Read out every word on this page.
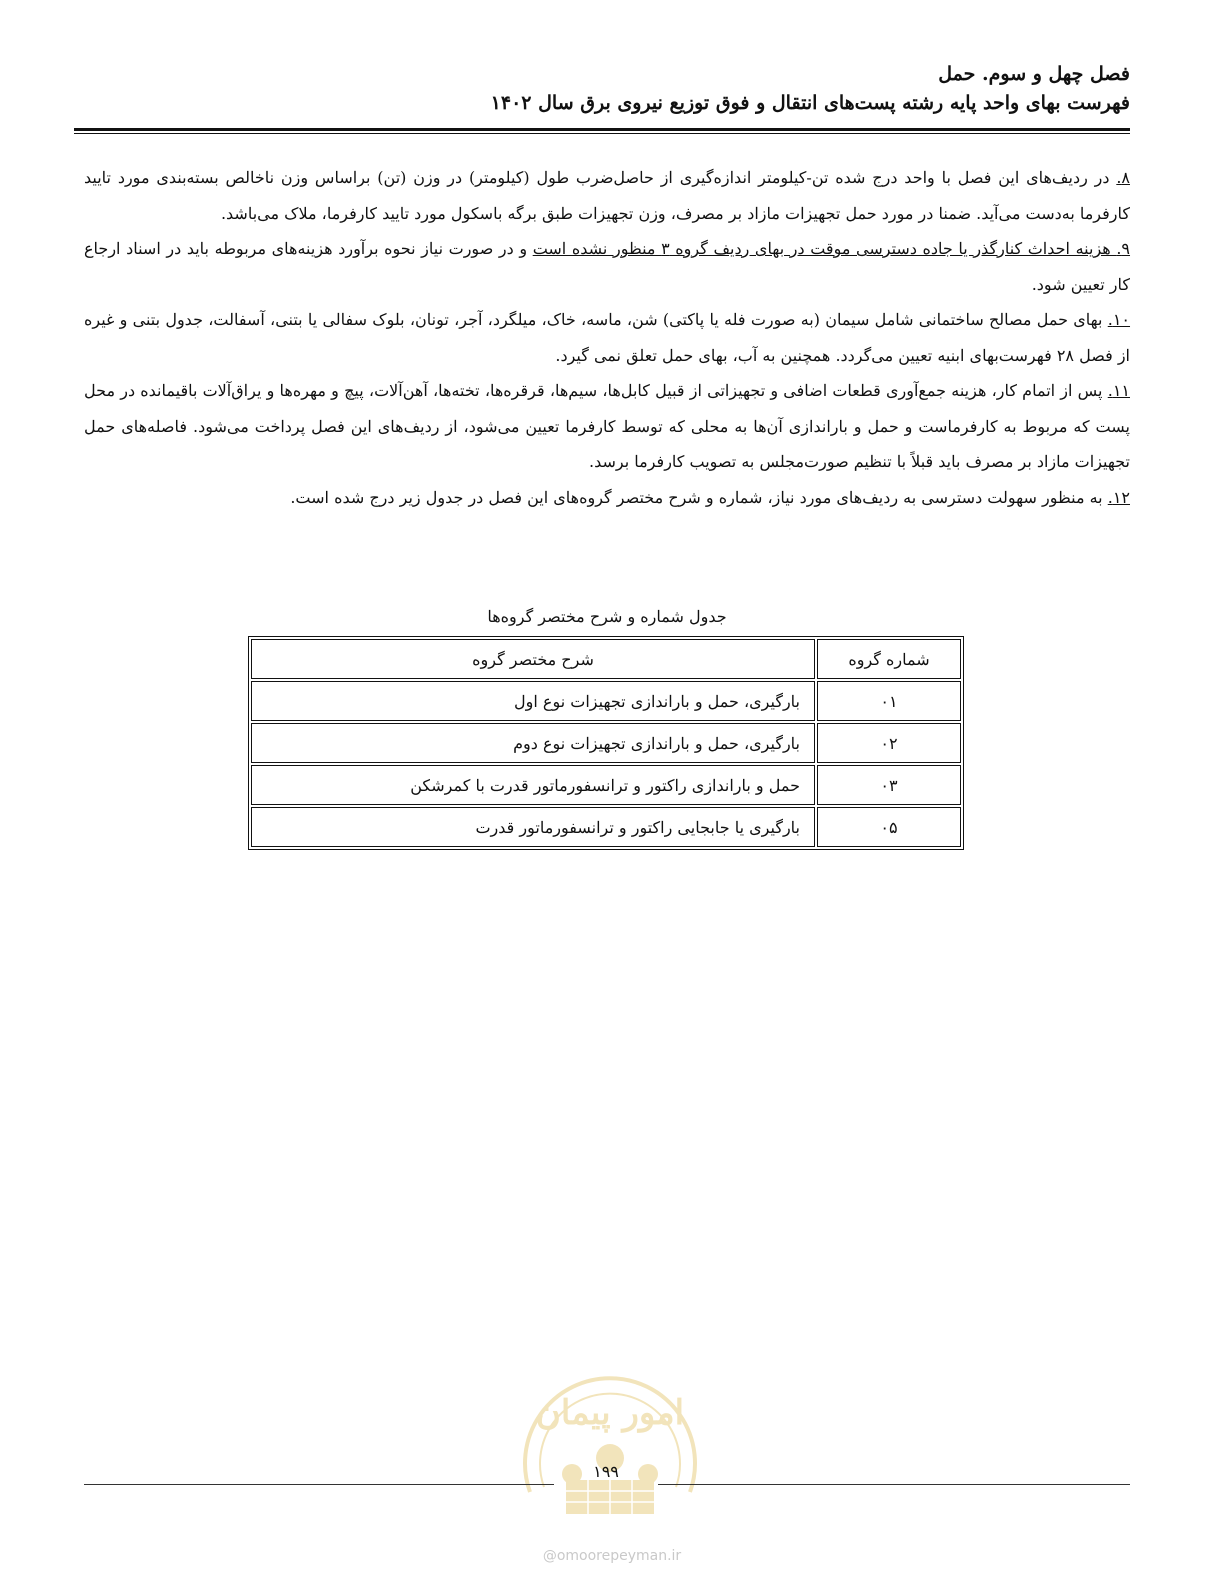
فصل چهل و سوم. حمل
فهرست بهای واحد پایه رشته پست‌های انتقال و فوق توزیع نیروی برق سال ۱۴۰۲

۸. در ردیف‌های این فصل با واحد درج شده تن-کیلومتر اندازه‌گیری از حاصل‌ضرب طول (کیلومتر) در وزن (تن) براساس وزن ناخالص بسته‌بندی مورد تایید کارفرما به‌دست می‌آید. ضمنا در مورد حمل تجهیزات مازاد بر مصرف، وزن تجهیزات طبق برگه باسکول مورد تایید کارفرما، ملاک می‌باشد.

۹. هزینه احداث کنارگذر یا جاده دسترسی موقت در بهای ردیف گروه ۳ منظور نشده است و در صورت نیاز نحوه برآورد هزینه‌های مربوطه باید در اسناد ارجاع کار تعیین شود.

۱۰. بهای حمل مصالح ساختمانی شامل سیمان (به صورت فله یا پاکتی) شن، ماسه، خاک، میلگرد، آجر، تونان، بلوک سفالی یا بتنی، آسفالت، جدول بتنی و غیره از فصل ۲۸ فهرست‌بهای ابنیه تعیین می‌گردد. همچنین به آب، بهای حمل تعلق نمی گیرد.

۱۱. پس از اتمام کار، هزینه جمع‌آوری قطعات اضافی و تجهیزاتی از قبیل کابل‌ها، سیم‌ها، قرقره‌ها، تخته‌ها، آهن‌آلات، پیچ و مهره‌ها و یراق‌آلات باقیمانده در محل پست که مربوط به کارفرماست و حمل و باراندازی آن‌ها به محلی که توسط کارفرما تعیین می‌شود، از ردیف‌های این فصل پرداخت می‌شود. فاصله‌های حمل تجهیزات مازاد بر مصرف باید قبلاً با تنظیم صورت‌مجلس به تصویب کارفرما برسد.

۱۲. به منظور سهولت دسترسی به ردیف‌های مورد نیاز، شماره و شرح مختصر گروه‌های این فصل در جدول زیر درج شده است.

جدول شماره و شرح مختصر گروه‌ها
شماره گروه	شرح مختصر گروه
۰۱	بارگیری، حمل و باراندازی تجهیزات نوع اول
۰۲	بارگیری، حمل و باراندازی تجهیزات نوع دوم
۰۳	حمل و باراندازی راکتور و ترانسفورماتور قدرت با کمرشکن
۰۵	بارگیری یا جابجایی راکتور و ترانسفورماتور قدرت
امور پیمان
۱۹۹
@omoorepeyman.ir
